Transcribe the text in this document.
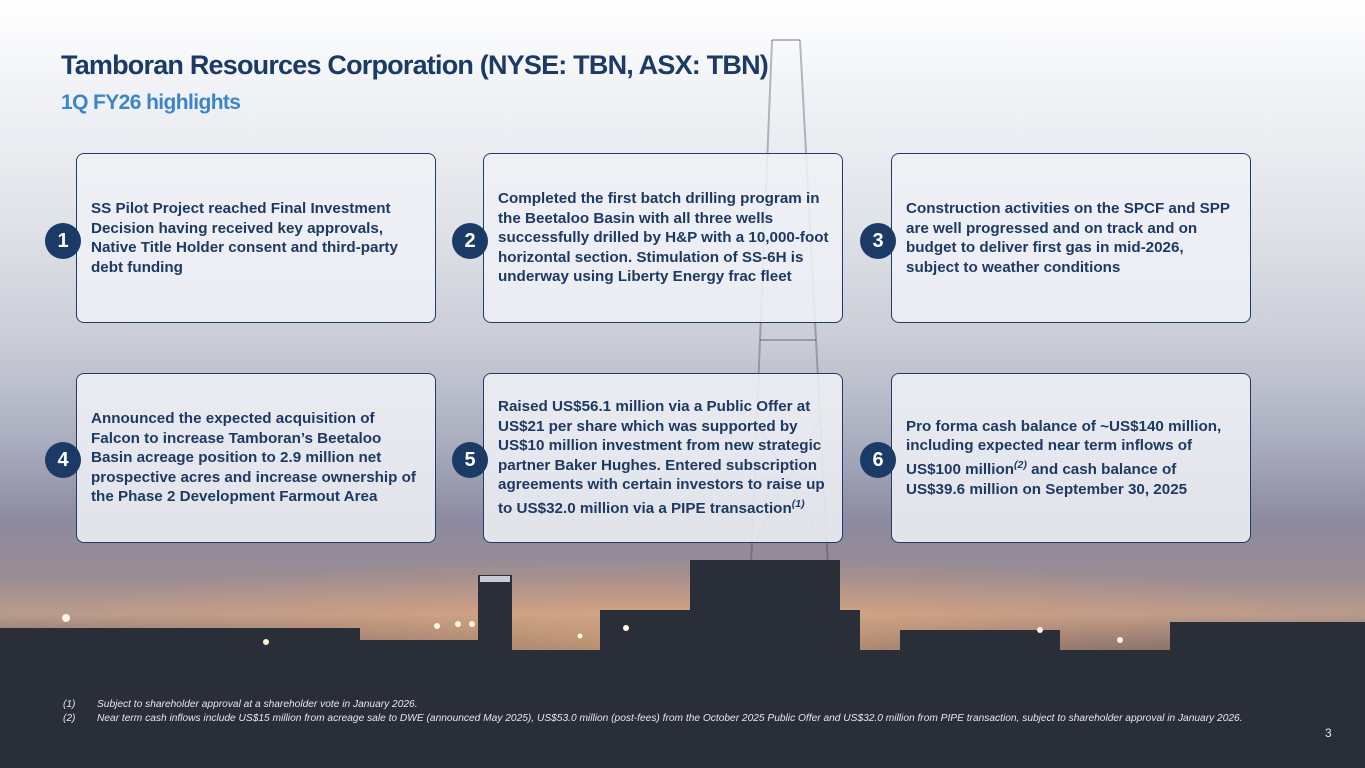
Tamboran Resources Corporation (NYSE: TBN, ASX: TBN)
1Q FY26 highlights
SS Pilot Project reached Final Investment Decision having received key approvals, Native Title Holder consent and third-party debt funding
1
Completed the first batch drilling program in the Beetaloo Basin with all three wells successfully drilled by H&P with a 10,000-foot horizontal section. Stimulation of SS-6H is underway using Liberty Energy frac fleet
2
Construction activities on the SPCF and SPP are well progressed and on track and on budget to deliver first gas in mid-2026, subject to weather conditions
3
Announced the expected acquisition of Falcon to increase Tamboran’s Beetaloo Basin acreage position to 2.9 million net prospective acres and increase ownership of the Phase 2 Development Farmout Area
4
Raised US$56.1 million via a Public Offer at US$21 per share which was supported by US$10 million investment from new strategic partner Baker Hughes. Entered subscription agreements with certain investors to raise up to US$32.0 million via a PIPE transaction$^{(1)}$
5
Pro forma cash balance of ~US$140 million, including expected near term inflows of US$100 million$^{(2)}$ and cash balance of US$39.6 million on September 30, 2025
6
(1)	Subject to shareholder approval at a shareholder vote in January 2026.
(2)	Near term cash inflows include US$15 million from acreage sale to DWE (announced May 2025), US$53.0 million (post-fees) from the October 2025 Public Offer and US$32.0 million from PIPE transaction, subject to shareholder approval in January 2026.
3
